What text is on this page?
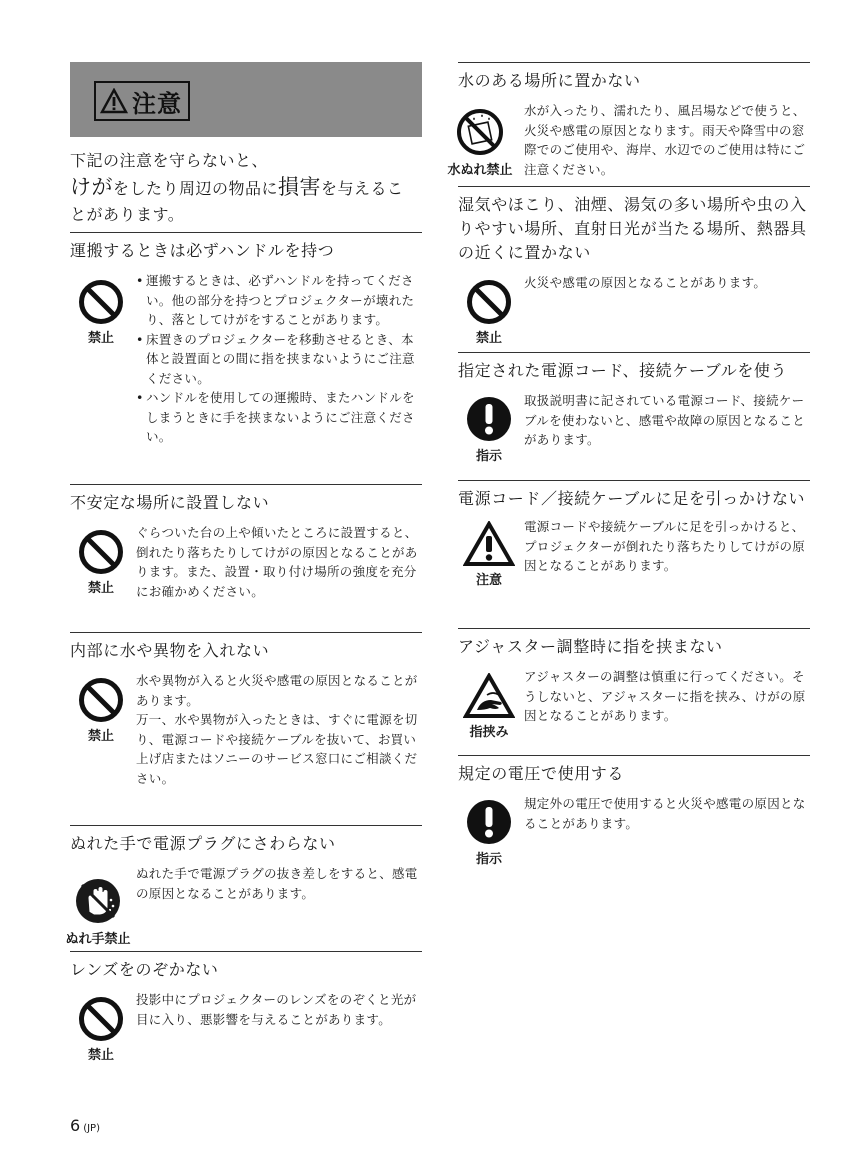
注意
下記の注意を守らないと、
けがをしたり周辺の物品に損害を与えるこ
とがあります。
運搬するときは必ずハンドルを持つ
禁止
• 運搬するときは、必ずハンドルを持ってください。他の部分を持つとプロジェクターが壊れたり、落としてけがをすることがあります。
• 床置きのプロジェクターを移動させるとき、本体と設置面との間に指を挟まないようにご注意ください。
• ハンドルを使用しての運搬時、またハンドルをしまうときに手を挟まないようにご注意ください。
不安定な場所に設置しない
禁止

ぐらついた台の上や傾いたところに設置すると、倒れたり落ちたりしてけがの原因となることがあります。また、設置・取り付け場所の強度を充分にお確かめください。

内部に水や異物を入れない
禁止

水や異物が入ると火災や感電の原因となることがあります。

万一、水や異物が入ったときは、すぐに電源を切り、電源コードや接続ケーブルを抜いて、お買い上げ店またはソニーのサービス窓口にご相談ください。

ぬれた手で電源プラグにさわらない
ぬれ手禁止

ぬれた手で電源プラグの抜き差しをすると、感電の原因となることがあります。

レンズをのぞかない
禁止

投影中にプロジェクターのレンズをのぞくと光が目に入り、悪影響を与えることがあります。

水のある場所に置かない
水ぬれ禁止

水が入ったり、濡れたり、風呂場などで使うと、火災や感電の原因となります。雨天や降雪中の窓際でのご使用や、海岸、水辺でのご使用は特にご注意ください。

湿気やほこり、油煙、湯気の多い場所や虫の入りやすい場所、直射日光が当たる場所、熱器具の近くに置かない
禁止

火災や感電の原因となることがあります。

指定された電源コード、接続ケーブルを使う
指示

取扱説明書に記されている電源コード、接続ケーブルを使わないと、感電や故障の原因となることがあります。

電源コード／接続ケーブルに足を引っかけない
注意

電源コードや接続ケーブルに足を引っかけると、プロジェクターが倒れたり落ちたりしてけがの原因となることがあります。

アジャスター調整時に指を挟まない
指挟み

アジャスターの調整は慎重に行ってください。そうしないと、アジャスターに指を挟み、けがの原因となることがあります。

規定の電圧で使用する
指示

規定外の電圧で使用すると火災や感電の原因となることがあります。

6 (JP)
